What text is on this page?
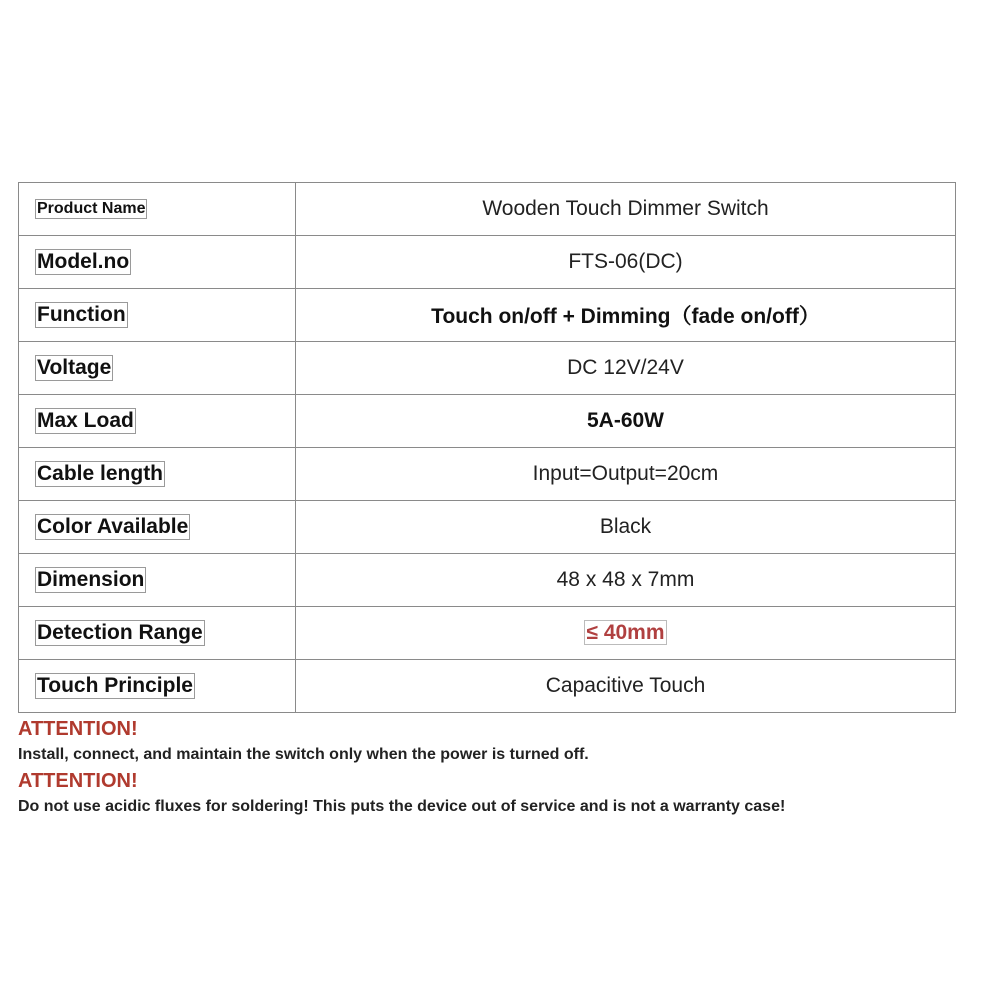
Product Name	Wooden Touch Dimmer Switch
Model.no	FTS-06(DC)
Function	Touch on/off + Dimming（fade on/off）
Voltage	DC 12V/24V
Max Load	5A-60W
Cable length	Input=Output=20cm
Color Available	Black
Dimension	48 x 48 x 7mm
Detection Range	≤ 40mm
Touch Principle	Capacitive Touch
ATTENTION!
Install, connect, and maintain the switch only when the power is turned off.
ATTENTION!
Do not use acidic fluxes for soldering! This puts the device out of service and is not a warranty case!
